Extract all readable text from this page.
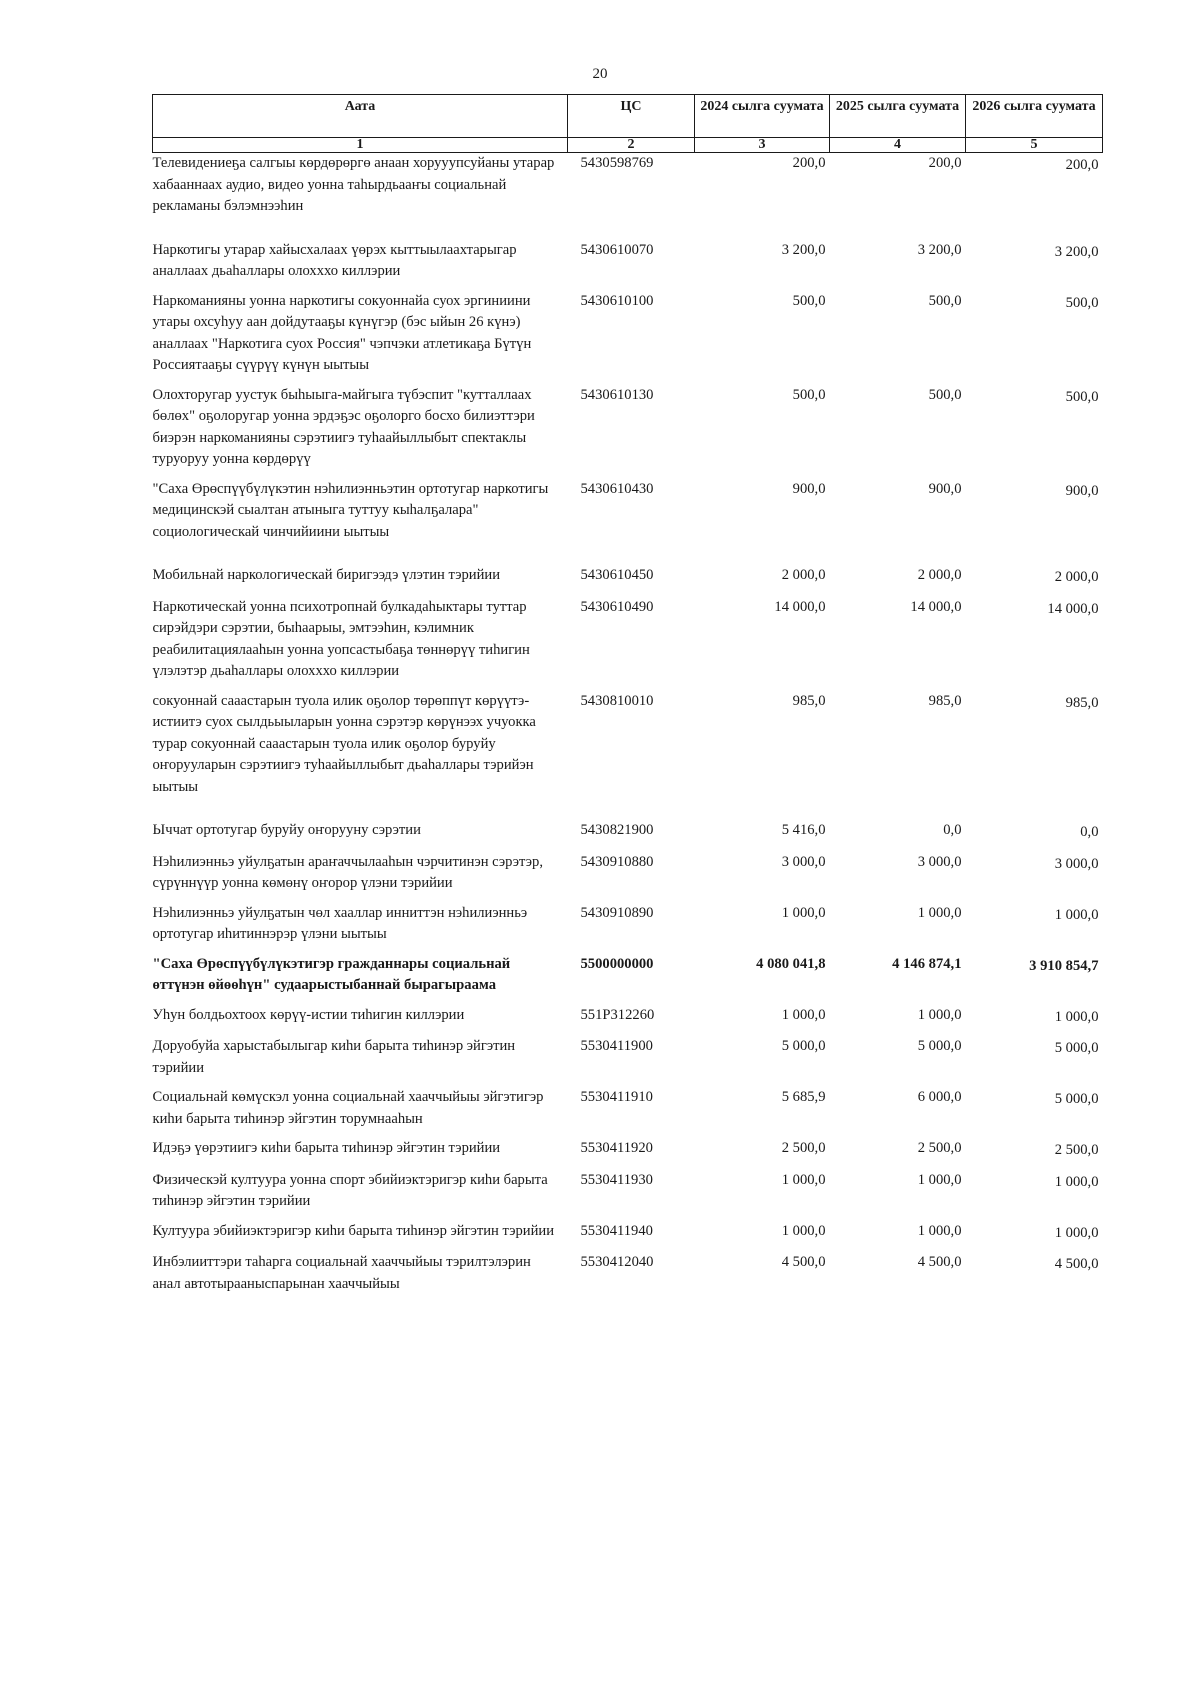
20
Аата	ЦС	2024 сылга суумата	2025 сылга суумата	2026 сылга суумата
1	2	3	4	5
Телевидениеҕа салгыы көрдөрөргө анаан хорууупсуйаны утарар хабааннаах аудио, видео уонна таһырдьааҥы социальнай рекламаны бэлэмнээһин	5430598769	200,0	200,0	200,0
Наркотигы утарар хайысхалаах үөрэх кыттыылаахтарыгар аналлаах дьаһаллары олохххо киллэрии	5430610070	3 200,0	3 200,0	3 200,0
Наркоманияны уонна наркотигы сокуоннайа суох эргиниини утары охсуһуу аан дойдутааҕы күнүгэр (бэс ыйын 26 күнэ) аналлаах "Наркотига суох Россия" чэпчэки атлетикаҕа Бүтүн Россиятааҕы сүүрүү күнүн ыытыы	5430610100	500,0	500,0	500,0
Олохторугар уустук быһыыга-майгыга түбэспит "кутталлаах бөлөх" оҕолоругар уонна эрдэҕэс оҕолорго босхо билиэттэри биэрэн наркоманияны сэрэтиигэ туһаайыллыбыт спектаклы туруоруу уонна көрдөрүү	5430610130	500,0	500,0	500,0
"Саха Өрөспүүбүлүкэтин нэһилиэнньэтин ортотугар наркотигы медицинскэй сыалтан атыныга туттуу кыһалҕалара" социологическай чинчийиини ыытыы	5430610430	900,0	900,0	900,0
Мобильнай наркологическай биригээдэ үлэтин тэрийии	5430610450	2 000,0	2 000,0	2 000,0
Наркотическай уонна психотропнай булкадаһыктары туттар сирэйдэри сэрэтии, быһаарыы, эмтээһин, кэлимник реабилитациялааһын уонна уопсастыбаҕа төннөрүү тиһигин үлэлэтэр дьаһаллары олохххо киллэрии	5430610490	14 000,0	14 000,0	14 000,0
сокуоннай сааастарын туола илик оҕолор төрөппүт көрүүтэ-истиитэ суох сылдьыыларын уонна сэрэтэр көрүнээх учуокка турар сокуоннай сааастарын туола илик оҕолор буруйу оҥорууларын сэрэтиигэ туһаайыллыбыт дьаһаллары тэрийэн ыытыы	5430810010	985,0	985,0	985,0
Ыччат ортотугар буруйу оҥорууну сэрэтии	5430821900	5 416,0	0,0	0,0
Нэһилиэнньэ уйулҕатын араҥаччылааһын чэрчитинэн сэрэтэр, сүрүннүүр уонна көмөнү оҥорор үлэни тэрийии	5430910880	3 000,0	3 000,0	3 000,0
Нэһилиэнньэ уйулҕатын чөл хааллар инниттэн нэһилиэнньэ ортотугар иһитиннэрэр үлэни ыытыы	5430910890	1 000,0	1 000,0	1 000,0
"Саха Өрөспүүбүлүкэтигэр гражданнары социальнай өттүнэн өйөөһүн" судаарыстыбаннай бырагыраама	5500000000	4 080 041,8	4 146 874,1	3 910 854,7
Уһун болдьохтоох көрүү-истии тиһигин киллэрии	551P312260	1 000,0	1 000,0	1 000,0
Доруобуйа харыстабылыгар киһи барыта тиһинэр эйгэтин тэрийии	5530411900	5 000,0	5 000,0	5 000,0
Социальнай көмүскэл уонна социальнай хааччыйыы эйгэтигэр киһи барыта тиһинэр эйгэтин торумнааһын	5530411910	5 685,9	6 000,0	5 000,0
Идэҕэ үөрэтиигэ киһи барыта тиһинэр эйгэтин тэрийии	5530411920	2 500,0	2 500,0	2 500,0
Физическэй култуура уонна спорт эбийиэктэригэр киһи барыта тиһинэр эйгэтин тэрийии	5530411930	1 000,0	1 000,0	1 000,0
Култуура эбийиэктэригэр киһи барыта тиһинэр эйгэтин тэрийии	5530411940	1 000,0	1 000,0	1 000,0
Инбэлииттэри таһарга социальнай хааччыйыы тэрилтэлэрин анал автотырааныспарынан хааччыйыы	5530412040	4 500,0	4 500,0	4 500,0
